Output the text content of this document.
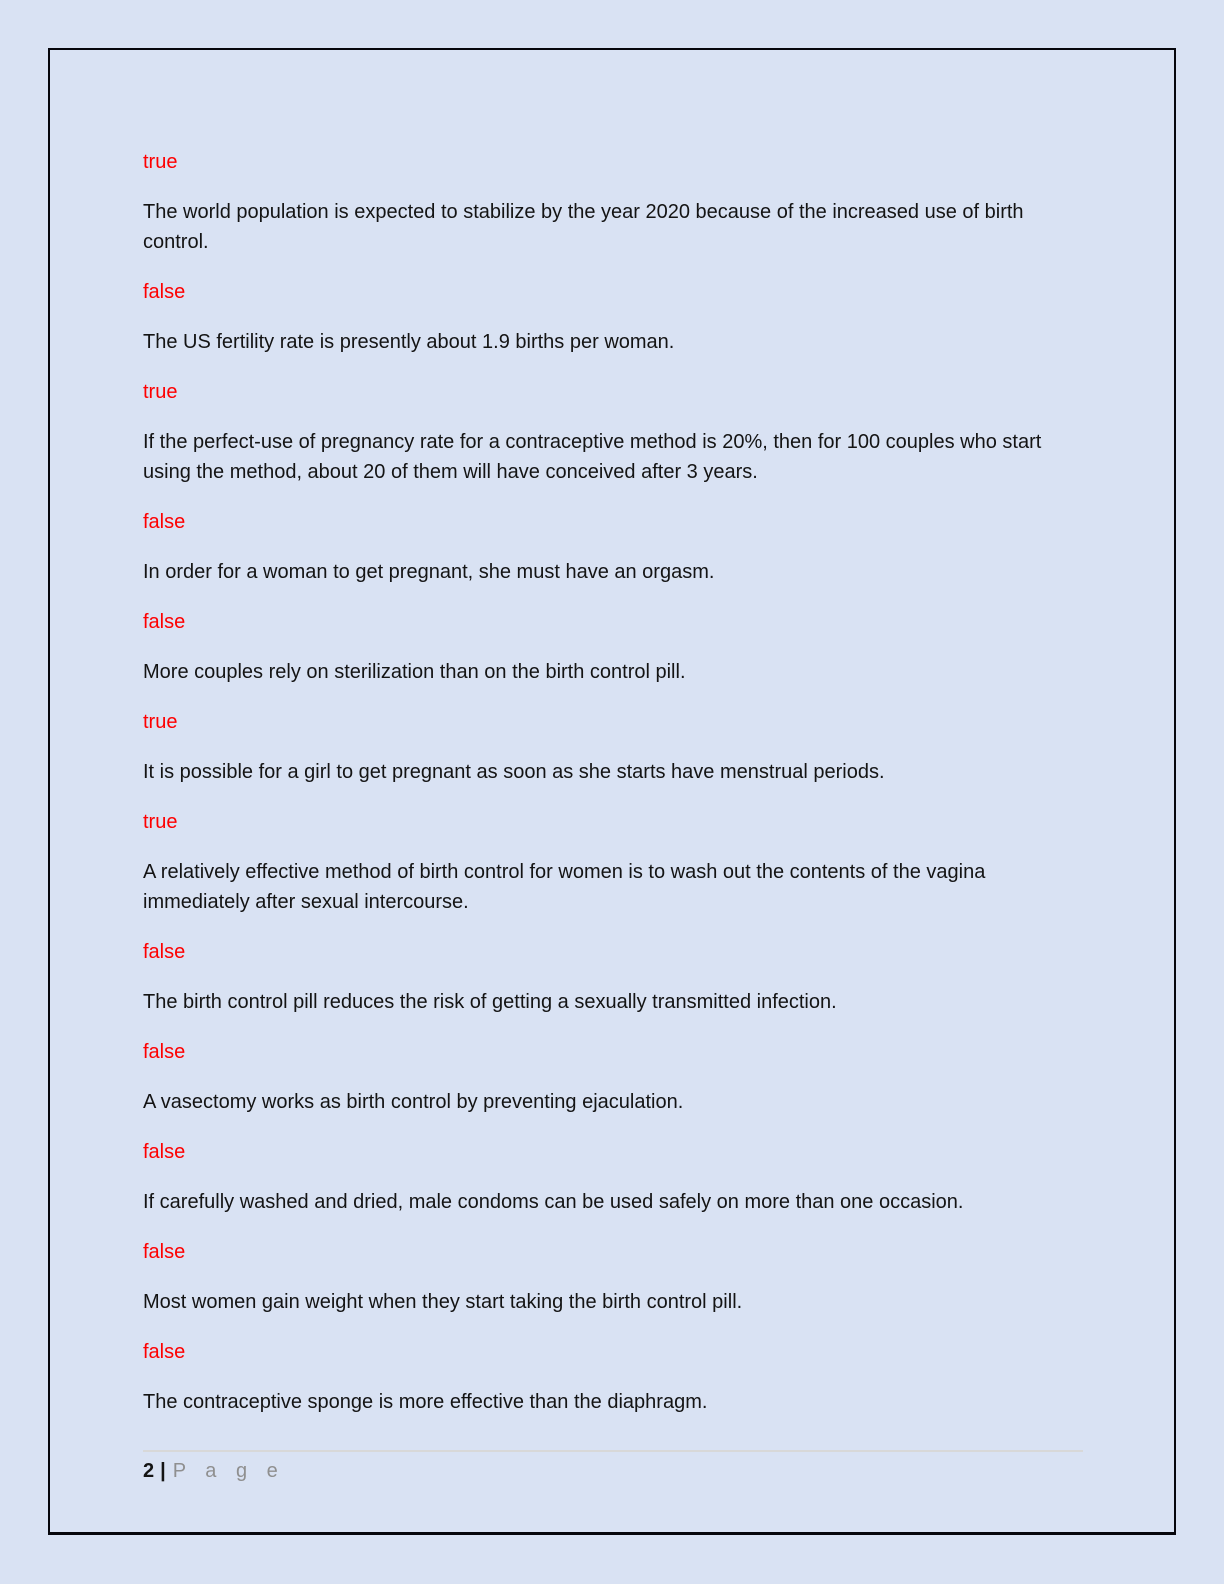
true

The world population is expected to stabilize by the year 2020 because of the increased use of birth control.

false

The US fertility rate is presently about 1.9 births per woman.

true

If the perfect-use of pregnancy rate for a contraceptive method is 20%, then for 100 couples who start using the method, about 20 of them will have conceived after 3 years.

false

In order for a woman to get pregnant, she must have an orgasm.

false

More couples rely on sterilization than on the birth control pill.

true

It is possible for a girl to get pregnant as soon as she starts have menstrual periods.

true

A relatively effective method of birth control for women is to wash out the contents of the vagina immediately after sexual intercourse.

false

The birth control pill reduces the risk of getting a sexually transmitted infection.

false

A vasectomy works as birth control by preventing ejaculation.

false

If carefully washed and dried, male condoms can be used safely on more than one occasion.

false

Most women gain weight when they start taking the birth control pill.

false

The contraceptive sponge is more effective than the diaphragm.

2 | P a g e
